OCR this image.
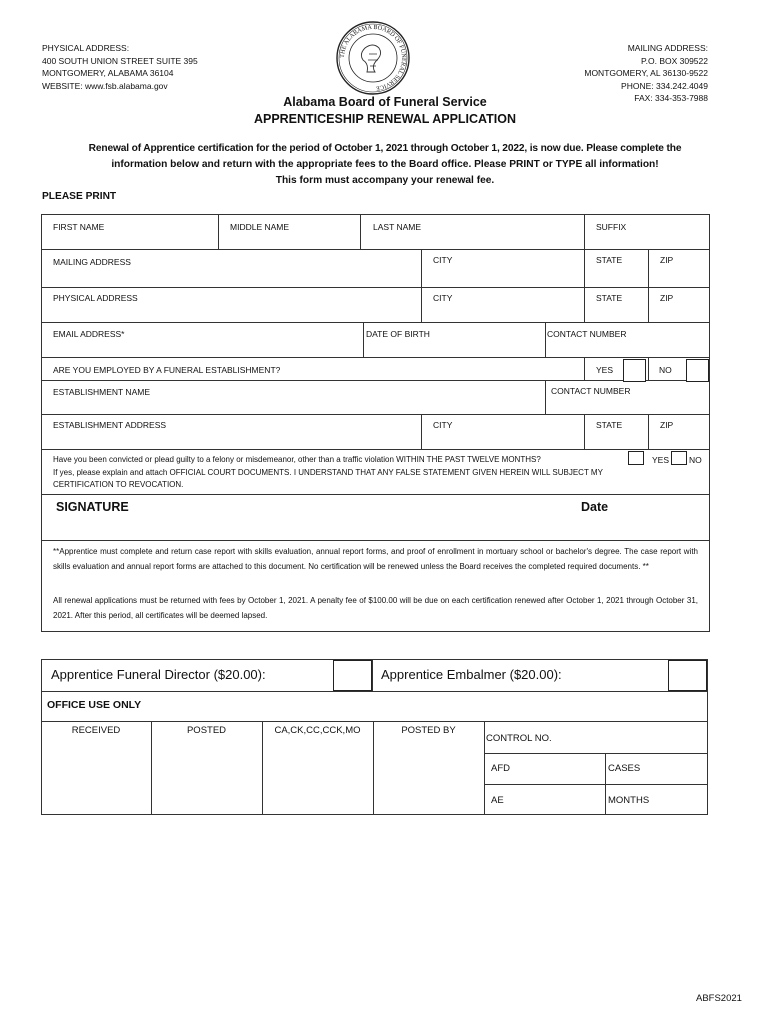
PHYSICAL ADDRESS:
400 SOUTH UNION STREET SUITE 395
MONTGOMERY, ALABAMA 36104
WEBSITE: www.fsb.alabama.gov
MAILING ADDRESS:
P.O. BOX 309522
MONTGOMERY, AL 36130-9522
PHONE: 334.242.4049
FAX: 334-353-7988
THE ALABAMA BOARD OF FUNERAL SERVICE
Alabama Board of Funeral Service
APPRENTICESHIP RENEWAL APPLICATION
Renewal of Apprentice certification for the period of October 1, 2021 through October 1, 2022, is now due. Please complete the
information below and return with the appropriate fees to the Board office. Please PRINT or TYPE all information!
This form must accompany your renewal fee.
PLEASE PRINT
FIRST NAME	MIDDLE NAME	LAST NAME	SUFFIX
MAILING ADDRESS	CITY	STATE	ZIP
PHYSICAL ADDRESS	CITY	STATE	ZIP
EMAIL ADDRESS*	DATE OF BIRTH	CONTACT NUMBER
ARE YOU EMPLOYED BY A FUNERAL ESTABLISHMENT?	YES	NO
ESTABLISHMENT NAME	CONTACT NUMBER
ESTABLISHMENT ADDRESS	CITY	STATE	ZIP
Have you been convicted or plead guilty to a felony or misdemeanor, other than a traffic violation WITHIN THE PAST TWELVE MONTHS?
If yes, please explain and attach OFFICIAL COURT DOCUMENTS. I UNDERSTAND THAT ANY FALSE STATEMENT GIVEN HEREIN WILL SUBJECT MY
CERTIFICATION TO REVOCATION.
YES NO
SIGNATURE	Date
**Apprentice must complete and return case report with skills evaluation, annual report forms, and proof of enrollment in mortuary school or bachelor's degree. The case report with skills evaluation and annual report forms are attached to this document. No certification will be renewed unless the Board receives the completed required documents. **
All renewal applications must be returned with fees by October 1, 2021. A penalty fee of $100.00 will be due on each certification renewed after October 1, 2021 through October 31, 2021. After this period, all certificates will be deemed lapsed.
Apprentice Funeral Director ($20.00):	Apprentice Embalmer ($20.00):
OFFICE USE ONLY
RECEIVED	POSTED	CA,CK,CC,CCK,MO	POSTED BY
CONTROL NO.
AFD	CASES
AE	MONTHS
ABFS2021
